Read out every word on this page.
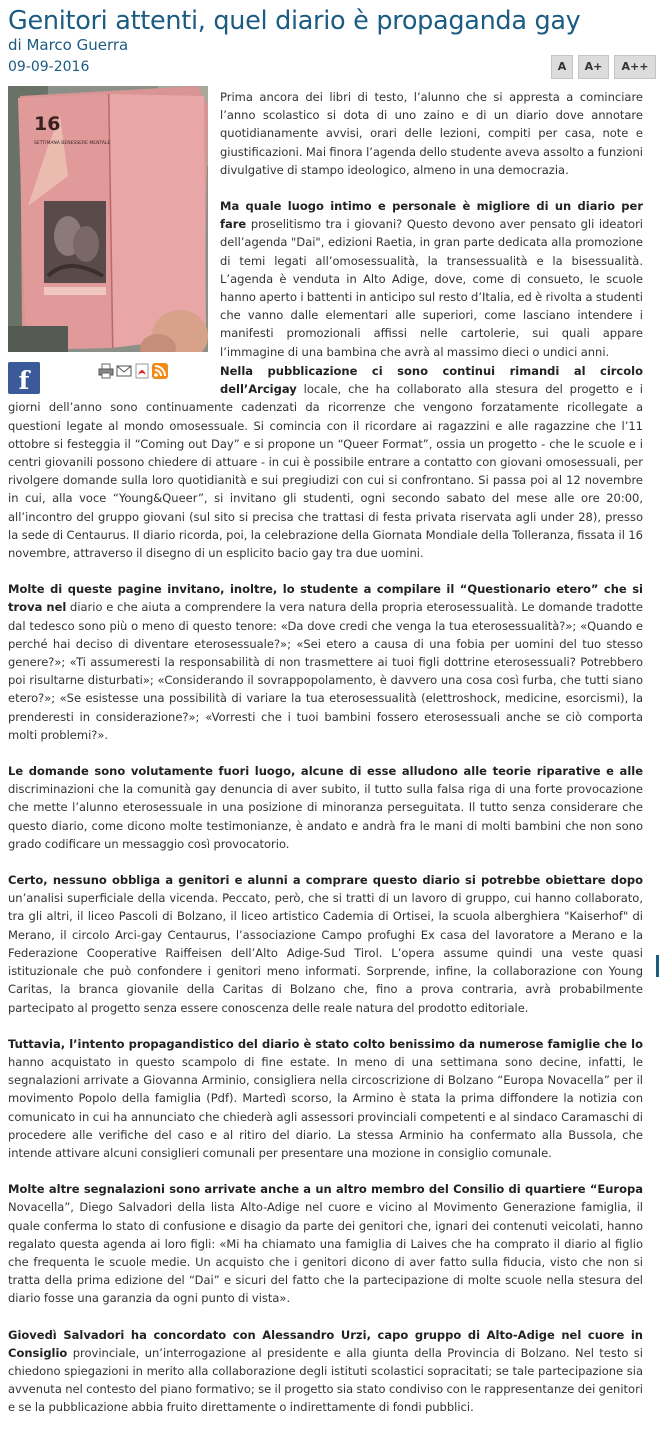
Genitori attenti, quel diario è propaganda gay
di Marco Guerra
09-09-2016	A	A+	A++
16
SETTIMANA BENESSERE MENTALE
f

Prima ancora dei libri di testo, l’alunno che si appresta a cominciare l’anno scolastico si dota di uno zaino e di un diario dove annotare quotidianamente avvisi, orari delle lezioni, compiti per casa, note e giustificazioni. Mai finora l’agenda dello studente aveva assolto a funzioni divulgative di stampo ideologico, almeno in una democrazia.

Ma quale luogo intimo e personale è migliore di un diario per fare proselitismo tra i giovani? Questo devono aver pensato gli ideatori dell’agenda "Dai", edizioni Raetia, in gran parte dedicata alla promozione di temi legati all’omosessualità, la transessualità e la bisessualità. L’agenda è venduta in Alto Adige, dove, come di consueto, le scuole hanno aperto i battenti in anticipo sul resto d’Italia, ed è rivolta a studenti che vanno dalle elementari alle superiori, come lasciano intendere i manifesti promozionali affissi nelle cartolerie, sui quali appare l’immagine di una bambina che avrà al massimo dieci o undici anni.

Nella pubblicazione ci sono continui rimandi al circolo dell’Arcigay locale, che ha collaborato alla stesura del progetto e i giorni dell’anno sono continuamente cadenzati da ricorrenze che vengono forzatamente ricollegate a questioni legate al mondo omosessuale. Si comincia con il ricordare ai ragazzini e alle ragazzine che l’11 ottobre si festeggia il “Coming out Day” e si propone un “Queer Format”, ossia un progetto - che le scuole e i centri giovanili possono chiedere di attuare - in cui è possibile entrare a contatto con giovani omosessuali, per rivolgere domande sulla loro quotidianità e sui pregiudizi con cui si confrontano. Si passa poi al 12 novembre in cui, alla voce “Young&Queer”, si invitano gli studenti, ogni secondo sabato del mese alle ore 20:00, all’incontro del gruppo giovani (sul sito si precisa che trattasi di festa privata riservata agli under 28), presso la sede di Centaurus. Il diario ricorda, poi, la celebrazione della Giornata Mondiale della Tolleranza, fissata il 16 novembre, attraverso il disegno di un esplicito bacio gay tra due uomini.

Molte di queste pagine invitano, inoltre, lo studente a compilare il “Questionario etero” che si trova nel diario e che aiuta a comprendere la vera natura della propria eterosessualità. Le domande tradotte dal tedesco sono più o meno di questo tenore: «Da dove credi che venga la tua eterosessualità?»; «Quando e perché hai deciso di diventare eterosessuale?»; «Sei etero a causa di una fobia per uomini del tuo stesso genere?»; «Ti assumeresti la responsabilità di non trasmettere ai tuoi figli dottrine eterosessuali? Potrebbero poi risultarne disturbati»; «Considerando il sovrappopolamento, è davvero una cosa così furba, che tutti siano etero?»; «Se esistesse una possibilità di variare la tua eterosessualità (elettroshock, medicine, esorcismi), la prenderesti in considerazione?»; «Vorresti che i tuoi bambini fossero eterosessuali anche se ciò comporta molti problemi?».

Le domande sono volutamente fuori luogo, alcune di esse alludono alle teorie riparative e alle discriminazioni che la comunità gay denuncia di aver subito, il tutto sulla falsa riga di una forte provocazione che mette l’alunno eterosessuale in una posizione di minoranza perseguitata. Il tutto senza considerare che questo diario, come dicono molte testimonianze, è andato e andrà fra le mani di molti bambini che non sono grado codificare un messaggio così provocatorio.

Certo, nessuno obbliga a genitori e alunni a comprare questo diario si potrebbe obiettare dopo un’analisi superficiale della vicenda. Peccato, però, che si tratti di un lavoro di gruppo, cui hanno collaborato, tra gli altri, il liceo Pascoli di Bolzano, il liceo artistico Cademia di Ortisei, la scuola alberghiera "Kaiserhof" di Merano, il circolo Arci-gay Centaurus, l’associazione Campo profughi Ex casa del lavoratore a Merano e la Federazione Cooperative Raiffeisen dell’Alto Adige-Sud Tirol. L’opera assume quindi una veste quasi istituzionale che può confondere i genitori meno informati. Sorprende, infine, la collaborazione con Young Caritas, la branca giovanile della Caritas di Bolzano che, fino a prova contraria, avrà probabilmente partecipato al progetto senza essere conoscenza delle reale natura del prodotto editoriale.

Tuttavia, l’intento propagandistico del diario è stato colto benissimo da numerose famiglie che lo hanno acquistato in questo scampolo di fine estate. In meno di una settimana sono decine, infatti, le segnalazioni arrivate a Giovanna Arminio, consigliera nella circoscrizione di Bolzano “Europa Novacella” per il movimento Popolo della famiglia (Pdf). Martedì scorso, la Armino è stata la prima diffondere la notizia con comunicato in cui ha annunciato che chiederà agli assessori provinciali competenti e al sindaco Caramaschi di procedere alle verifiche del caso e al ritiro del diario. La stessa Arminio ha confermato alla Bussola, che intende attivare alcuni consiglieri comunali per presentare una mozione in consiglio comunale.

Molte altre segnalazioni sono arrivate anche a un altro membro del Consilio di quartiere “Europa Novacella”, Diego Salvadori della lista Alto-Adige nel cuore e vicino al Movimento Generazione famiglia, il quale conferma lo stato di confusione e disagio da parte dei genitori che, ignari dei contenuti veicolati, hanno regalato questa agenda ai loro figli: «Mi ha chiamato una famiglia di Laives che ha comprato il diario al figlio che frequenta le scuole medie. Un acquisto che i genitori dicono di aver fatto sulla fiducia, visto che non si tratta della prima edizione del “Dai” e sicuri del fatto che la partecipazione di molte scuole nella stesura del diario fosse una garanzia da ogni punto di vista».

Giovedì Salvadori ha concordato con Alessandro Urzi, capo gruppo di Alto-Adige nel cuore in Consiglio provinciale, un’interrogazione al presidente e alla giunta della Provincia di Bolzano. Nel testo si chiedono spiegazioni in merito alla collaborazione degli istituti scolastici sopracitati; se tale partecipazione sia avvenuta nel contesto del piano formativo; se il progetto sia stato condiviso con le rappresentanze dei genitori e se la pubblicazione abbia fruito direttamente o indirettamente di fondi pubblici.
